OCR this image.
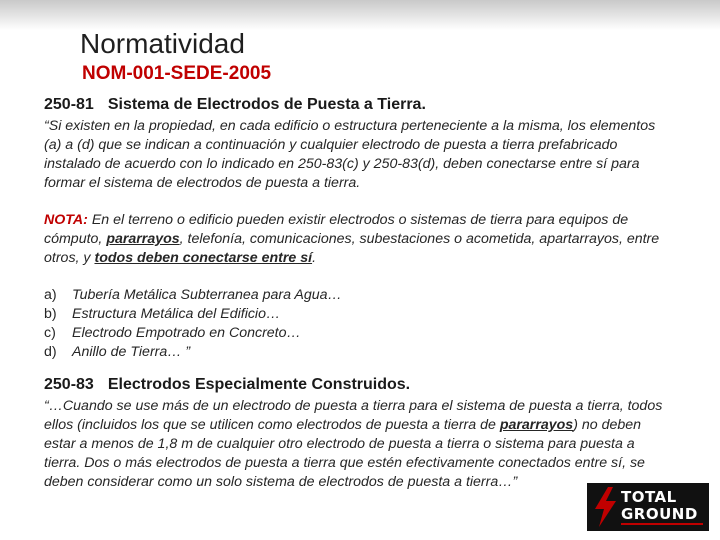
Normatividad
NOM-001-SEDE-2005
250-81 Sistema de Electrodos de Puesta a Tierra.

“Si existen en la propiedad, en cada edificio o estructura perteneciente a la misma, los elementos (a) a (d) que se indican a continuación y cualquier electrodo de puesta a tierra prefabricado instalado de acuerdo con lo indicado en 250-83(c) y 250-83(d), deben conectarse entre sí para formar el sistema de electrodos de puesta a tierra.

NOTA: En el terreno o edificio pueden existir electrodos o sistemas de tierra para equipos de cómputo, pararrayos, telefonía, comunicaciones, subestaciones o acometida, apartarrayos, entre otros, y todos deben conectarse entre sí.

a)	Tubería Metálica Subterranea para Agua…
b)	Estructura Metálica del Edificio…
c)	Electrodo Empotrado en Concreto…
d)	Anillo de Tierra… ”
250-83 Electrodos Especialmente Construidos.

“…Cuando se use más de un electrodo de puesta a tierra para el sistema de puesta a tierra, todos ellos (incluidos los que se utilicen como electrodos de puesta a tierra de pararrayos) no deben estar a menos de 1,8 m de cualquier otro electrodo de puesta a tierra o sistema para puesta a tierra. Dos o más electrodos de puesta a tierra que estén efectivamente conectados entre sí, se deben considerar como un solo sistema de electrodos de puesta a tierra…”

TOTAL
GROUND
